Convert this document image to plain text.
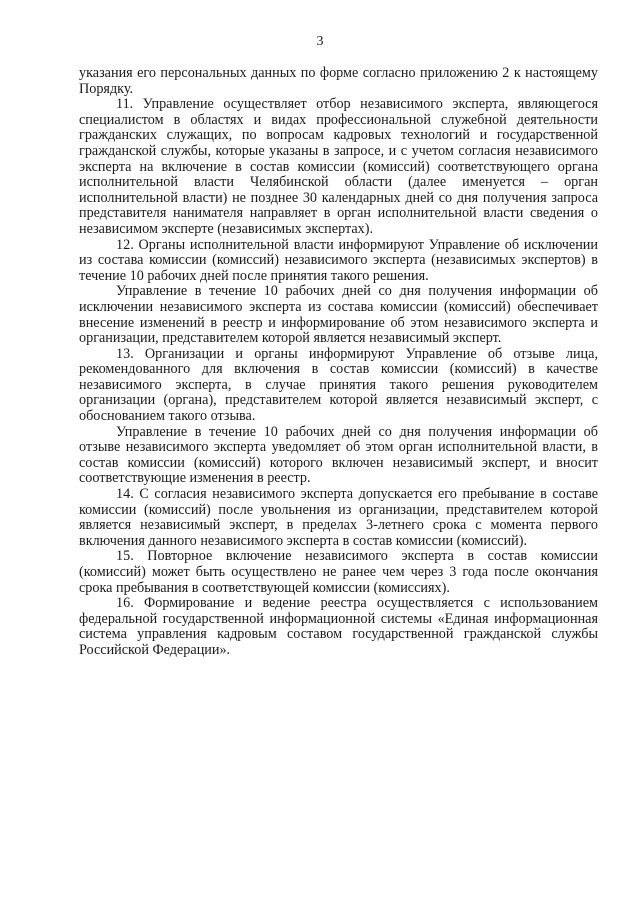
3

указания его персональных данных по форме согласно приложению 2 к настоящему Порядку.

11. Управление осуществляет отбор независимого эксперта, являющегося специалистом в областях и видах профессиональной служебной деятельности гражданских служащих, по вопросам кадровых технологий и государственной гражданской службы, которые указаны в запросе, и с учетом согласия независимого эксперта на включение в состав комиссии (комиссий) соответствующего органа исполнительной власти Челябинской области (далее именуется – орган исполнительной власти) не позднее 30 календарных дней со дня получения запроса представителя нанимателя направляет в орган исполнительной власти сведения о независимом эксперте (независимых экспертах).

12. Органы исполнительной власти информируют Управление об исключении из состава комиссии (комиссий) независимого эксперта (независимых экспертов) в течение 10 рабочих дней после принятия такого решения.

Управление в течение 10 рабочих дней со дня получения информации об исключении независимого эксперта из состава комиссии (комиссий) обеспечивает внесение изменений в реестр и информирование об этом независимого эксперта и организации, представителем которой является независимый эксперт.

13. Организации и органы информируют Управление об отзыве лица, рекомендованного для включения в состав комиссии (комиссий) в качестве независимого эксперта, в случае принятия такого решения руководителем организации (органа), представителем которой является независимый эксперт, с обоснованием такого отзыва.

Управление в течение 10 рабочих дней со дня получения информации об отзыве независимого эксперта уведомляет об этом орган исполнительной власти, в состав комиссии (комиссий) которого включен независимый эксперт, и вносит соответствующие изменения в реестр.

14. С согласия независимого эксперта допускается его пребывание в составе комиссии (комиссий) после увольнения из организации, представителем которой является независимый эксперт, в пределах 3-летнего срока с момента первого включения данного независимого эксперта в состав комиссии (комиссий).

15. Повторное включение независимого эксперта в состав комиссии (комиссий) может быть осуществлено не ранее чем через 3 года после окончания срока пребывания в соответствующей комиссии (комиссиях).

16. Формирование и ведение реестра осуществляется с использованием федеральной государственной информационной системы «Единая информационная система управления кадровым составом государственной гражданской службы Российской Федерации».
